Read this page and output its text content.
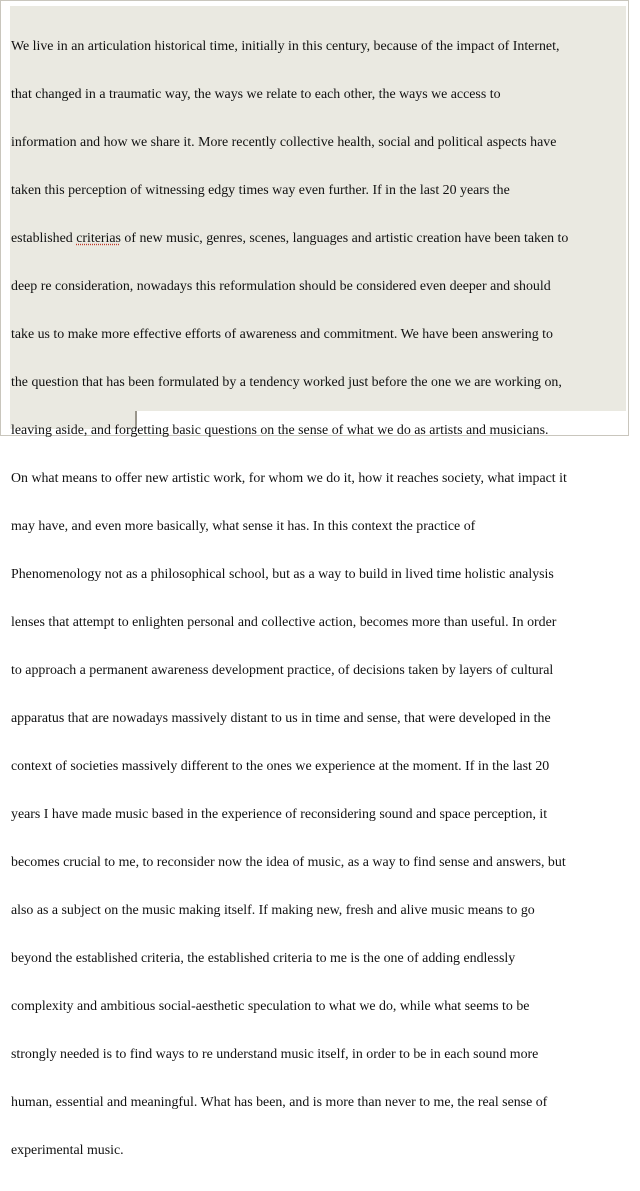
We live in an articulation historical time, initially in this century, because of the impact of Internet,

that changed in a traumatic way, the ways we relate to each other, the ways we access to

information and how we share it. More recently collective health, social and political aspects have

taken this perception of witnessing edgy times way even further. If in the last 20 years the

established criterias of new music, genres, scenes, languages and artistic creation have been taken to

deep re consideration, nowadays this reformulation should be considered even deeper and should

take us to make more effective efforts of awareness and commitment. We have been answering to

the question that has been formulated by a tendency worked just before the one we are working on,

leaving aside, and forgetting basic questions on the sense of what we do as artists and musicians.

On what means to offer new artistic work, for whom we do it, how it reaches society, what impact it

may have, and even more basically, what sense it has. In this context the practice of

Phenomenology not as a philosophical school, but as a way to build in lived time holistic analysis

lenses that attempt to enlighten personal and collective action, becomes more than useful. In order

to approach a permanent awareness development practice, of decisions taken by layers of cultural

apparatus that are nowadays massively distant to us in time and sense, that were developed in the

context of societies massively different to the ones we experience at the moment. If in the last 20

years I have made music based in the experience of reconsidering sound and space perception, it

becomes crucial to me, to reconsider now the idea of music, as a way to find sense and answers, but

also as a subject on the music making itself. If making new, fresh and alive music means to go

beyond the established criteria, the established criteria to me is the one of adding endlessly

complexity and ambitious social-aesthetic speculation to what we do, while what seems to be

strongly needed is to find ways to re understand music itself, in order to be in each sound more

human, essential and meaningful. What has been, and is more than never to me, the real sense of

experimental music.
